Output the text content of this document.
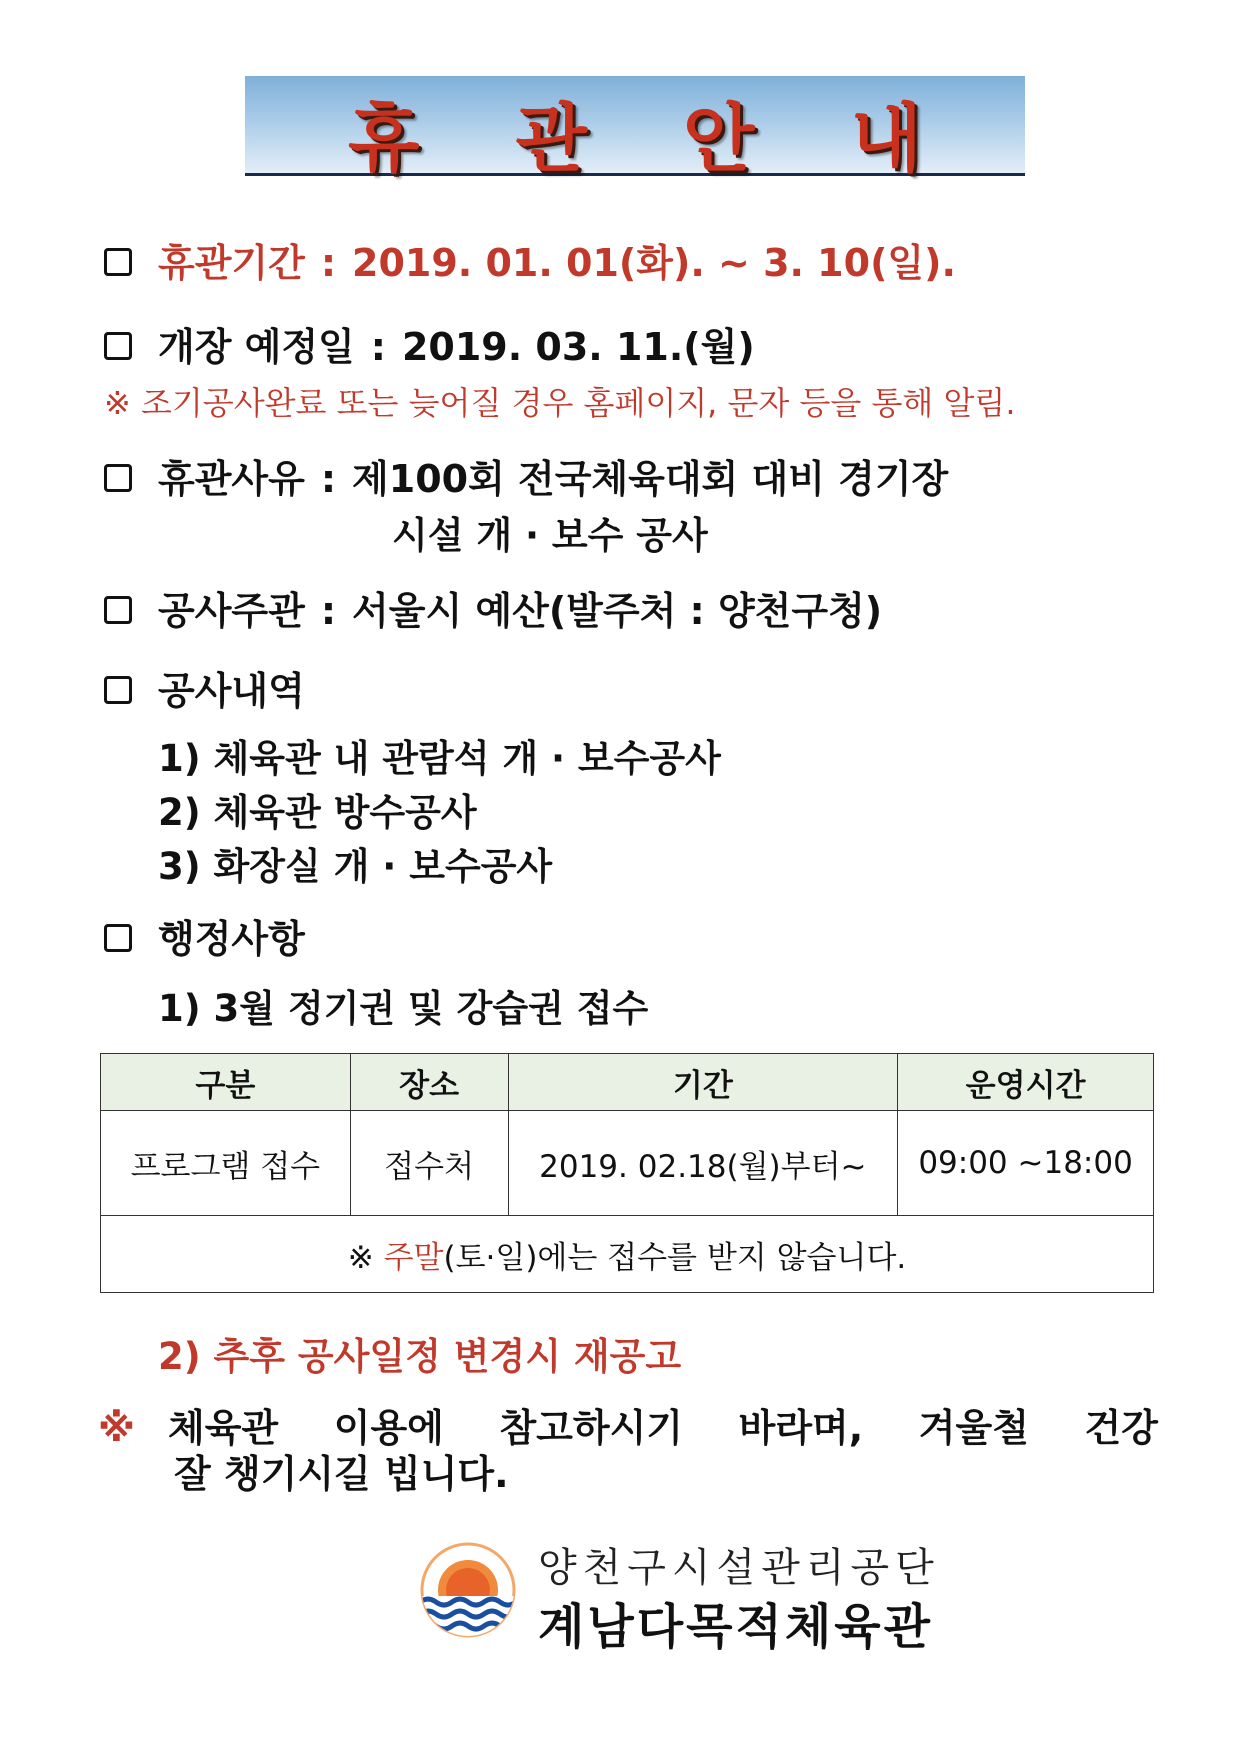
휴관안내
휴관기간 : 2019. 01. 01(화). ~ 3. 10(일).
개장 예정일 : 2019. 03. 11.(월)
※ 조기공사완료 또는 늦어질 경우 홈페이지, 문자 등을 통해 알림.
휴관사유 : 제100회 전국체육대회 대비 경기장
시설 개 · 보수 공사
공사주관 : 서울시 예산(발주처 : 양천구청)
공사내역
1) 체육관 내 관람석 개 · 보수공사
2) 체육관 방수공사
3) 화장실 개 · 보수공사
행정사항
1) 3월 정기권 및 강습권 접수
구분	장소	기간	운영시간
프로그램 접수	접수처	2019. 02.18(월)부터~	09:00 ~18:00
※ 주말(토·일)에는 접수를 받지 않습니다.			
2) 추후 공사일정 변경시 재공고
※ 체육관 이용에 참고하시기 바라며, 겨울철 건강
잘 챙기시길 빕니다.
양천구시설관리공단
계남다목적체육관
